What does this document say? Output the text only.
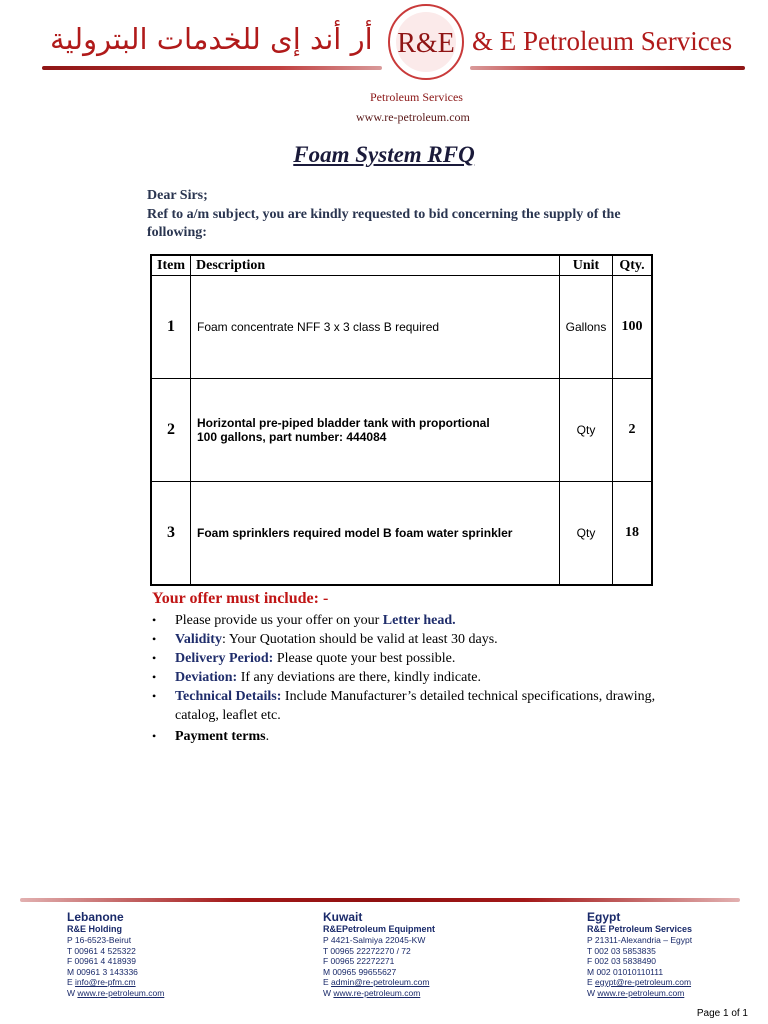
أر أند إى للخدمات البترولية R&E & E Petroleum Services
Petroleum Services
www.re-petroleum.com
Foam System RFQ
Dear Sirs;
Ref to a/m subject, you are kindly requested to bid concerning the supply of the following:
Item	Description	Unit	Qty.
1	Foam concentrate NFF 3 x 3 class B required	Gallons	100
2	Horizontal pre-piped bladder tank with proportional
100 gallons, part number: 444084	Qty	2
3	Foam sprinklers required model B foam water sprinkler	Qty	18
Your offer must include: -
• Please provide us your offer on your Letter head.
• Validity: Your Quotation should be valid at least 30 days.
• Delivery Period: Please quote your best possible.
• Deviation: If any deviations are there, kindly indicate.
• Technical Details: Include Manufacturer’s detailed technical specifications, drawing, catalog, leaflet etc.
• Payment terms.
Lebanone
R&E Holding
P 16-6523-Beirut
T 00961 4 525322
F 00961 4 418939
M 00961 3 143336
E info@re-pfm.cm
W www.re-petroleum.com
Kuwait
R&EPetroleum Equipment
P 4421-Salmiya 22045-KW
T 00965 22272270 / 72
F 00965 22272271
M 00965 99655627
E admin@re-petroleum.com
W www.re-petroleum.com
Egypt
R&E Petroleum Services
P 21311-Alexandria – Egypt
T 002 03 5853835
F 002 03 5838490
M 002 01010110111
E egypt@re-petroleum.com
W www.re-petroleum.com
Page 1 of 1
